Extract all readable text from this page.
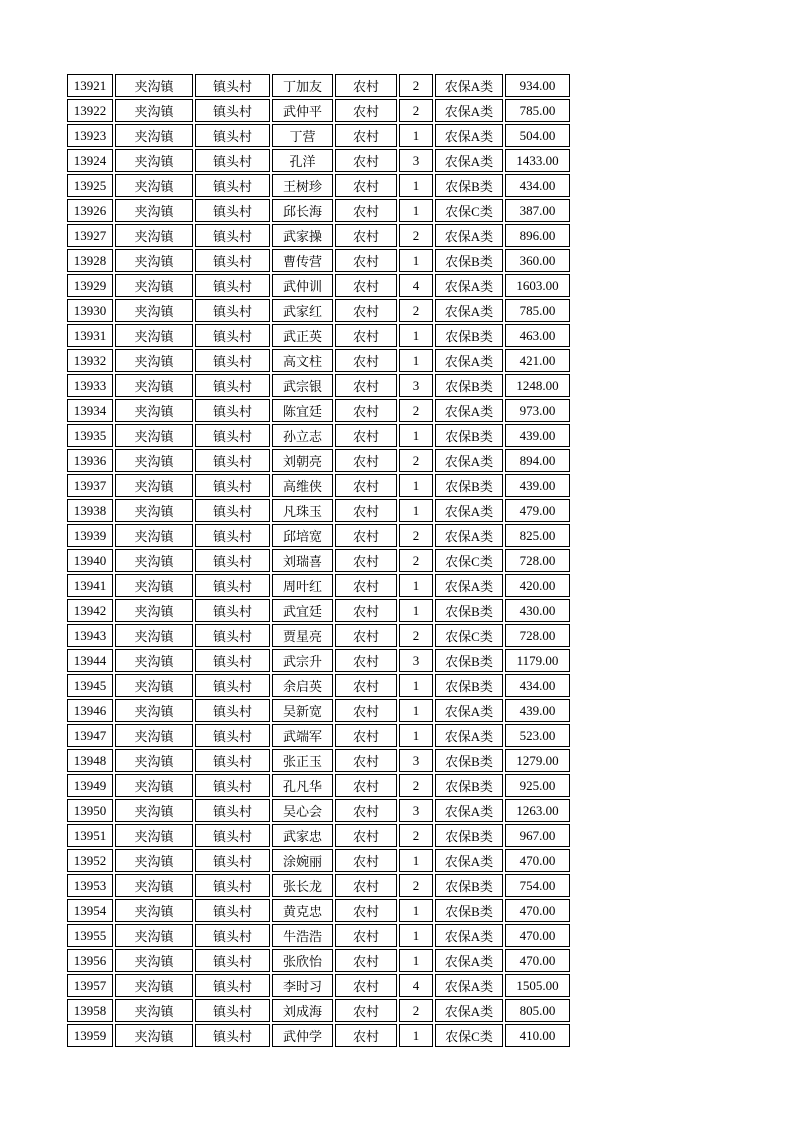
13921	夹沟镇	镇头村	丁加友	农村	2	农保A类	934.00
13922	夹沟镇	镇头村	武仲平	农村	2	农保A类	785.00
13923	夹沟镇	镇头村	丁营	农村	1	农保A类	504.00
13924	夹沟镇	镇头村	孔洋	农村	3	农保A类	1433.00
13925	夹沟镇	镇头村	王树珍	农村	1	农保B类	434.00
13926	夹沟镇	镇头村	邱长海	农村	1	农保C类	387.00
13927	夹沟镇	镇头村	武家操	农村	2	农保A类	896.00
13928	夹沟镇	镇头村	曹传营	农村	1	农保B类	360.00
13929	夹沟镇	镇头村	武仲训	农村	4	农保A类	1603.00
13930	夹沟镇	镇头村	武家红	农村	2	农保A类	785.00
13931	夹沟镇	镇头村	武正英	农村	1	农保B类	463.00
13932	夹沟镇	镇头村	高文柱	农村	1	农保A类	421.00
13933	夹沟镇	镇头村	武宗银	农村	3	农保B类	1248.00
13934	夹沟镇	镇头村	陈宜廷	农村	2	农保A类	973.00
13935	夹沟镇	镇头村	孙立志	农村	1	农保B类	439.00
13936	夹沟镇	镇头村	刘朝亮	农村	2	农保A类	894.00
13937	夹沟镇	镇头村	高维侠	农村	1	农保B类	439.00
13938	夹沟镇	镇头村	凡珠玉	农村	1	农保A类	479.00
13939	夹沟镇	镇头村	邱培宽	农村	2	农保A类	825.00
13940	夹沟镇	镇头村	刘瑞喜	农村	2	农保C类	728.00
13941	夹沟镇	镇头村	周叶红	农村	1	农保A类	420.00
13942	夹沟镇	镇头村	武宜廷	农村	1	农保B类	430.00
13943	夹沟镇	镇头村	贾星亮	农村	2	农保C类	728.00
13944	夹沟镇	镇头村	武宗升	农村	3	农保B类	1179.00
13945	夹沟镇	镇头村	余启英	农村	1	农保B类	434.00
13946	夹沟镇	镇头村	吴新宽	农村	1	农保A类	439.00
13947	夹沟镇	镇头村	武端军	农村	1	农保A类	523.00
13948	夹沟镇	镇头村	张正玉	农村	3	农保B类	1279.00
13949	夹沟镇	镇头村	孔凡华	农村	2	农保B类	925.00
13950	夹沟镇	镇头村	吴心会	农村	3	农保A类	1263.00
13951	夹沟镇	镇头村	武家忠	农村	2	农保B类	967.00
13952	夹沟镇	镇头村	涂婉丽	农村	1	农保A类	470.00
13953	夹沟镇	镇头村	张长龙	农村	2	农保B类	754.00
13954	夹沟镇	镇头村	黄克忠	农村	1	农保B类	470.00
13955	夹沟镇	镇头村	牛浩浩	农村	1	农保A类	470.00
13956	夹沟镇	镇头村	张欣怡	农村	1	农保A类	470.00
13957	夹沟镇	镇头村	李时习	农村	4	农保A类	1505.00
13958	夹沟镇	镇头村	刘成海	农村	2	农保A类	805.00
13959	夹沟镇	镇头村	武仲学	农村	1	农保C类	410.00
